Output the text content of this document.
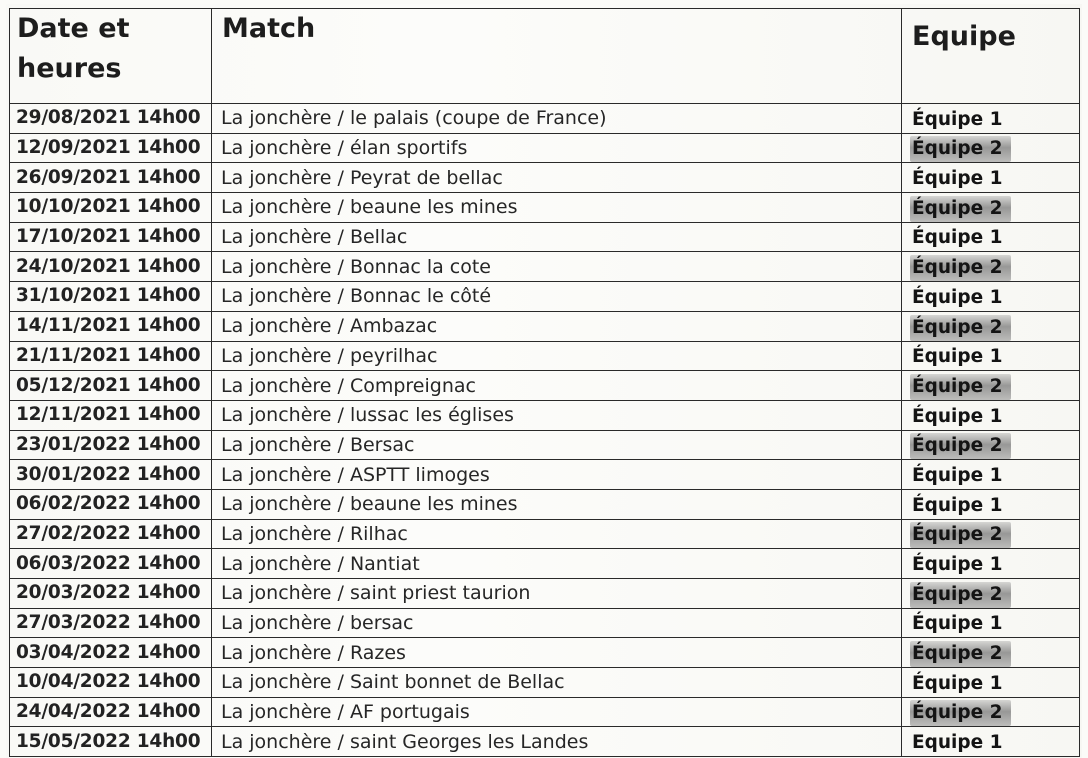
Date et heures	Match	Equipe
29/08/2021 14h00	La jonchère / le palais (coupe de France)	Équipe 1
12/09/2021 14h00	La jonchère / élan sportifs	Équipe 2
26/09/2021 14h00	La jonchère / Peyrat de bellac	Équipe 1
10/10/2021 14h00	La jonchère / beaune les mines	Équipe 2
17/10/2021 14h00	La jonchère / Bellac	Équipe 1
24/10/2021 14h00	La jonchère / Bonnac la cote	Équipe 2
31/10/2021 14h00	La jonchère / Bonnac le côté	Équipe 1
14/11/2021 14h00	La jonchère / Ambazac	Équipe 2
21/11/2021 14h00	La jonchère / peyrilhac	Équipe 1
05/12/2021 14h00	La jonchère / Compreignac	Équipe 2
12/11/2021 14h00	La jonchère / lussac les églises	Équipe 1
23/01/2022 14h00	La jonchère / Bersac	Équipe 2
30/01/2022 14h00	La jonchère / ASPTT limoges	Équipe 1
06/02/2022 14h00	La jonchère / beaune les mines	Équipe 1
27/02/2022 14h00	La jonchère / Rilhac	Équipe 2
06/03/2022 14h00	La jonchère / Nantiat	Équipe 1
20/03/2022 14h00	La jonchère / saint priest taurion	Équipe 2
27/03/2022 14h00	La jonchère / bersac	Équipe 1
03/04/2022 14h00	La jonchère / Razes	Équipe 2
10/04/2022 14h00	La jonchère / Saint bonnet de Bellac	Équipe 1
24/04/2022 14h00	La jonchère / AF portugais	Équipe 2
15/05/2022 14h00	La jonchère / saint Georges les Landes	Equipe 1
